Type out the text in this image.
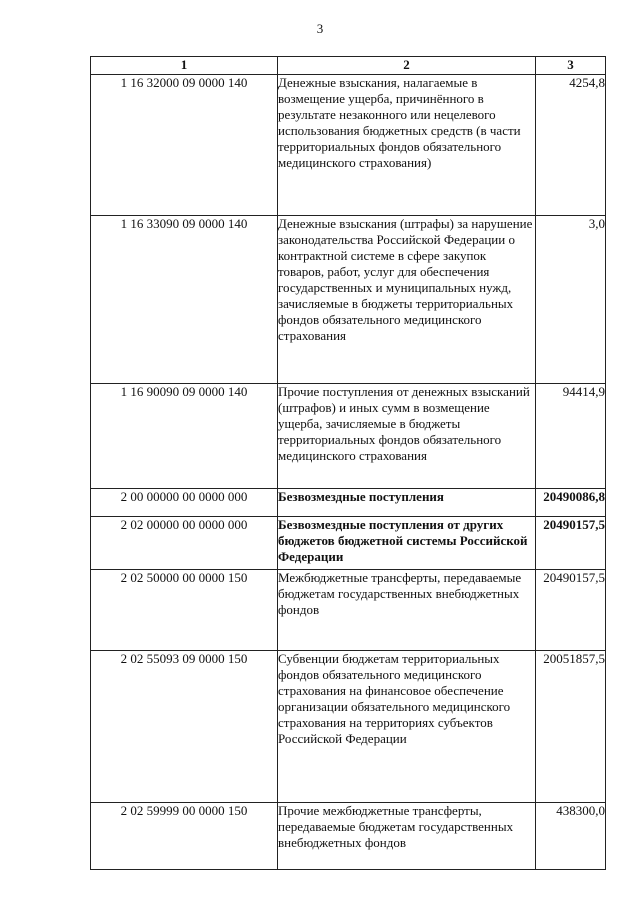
3
1	2	3
1 16 32000 09 0000 140	Денежные взыскания, налагаемые в возмещение ущерба, причинённого в результате незаконного или нецелевого использования бюджетных средств (в части территориальных фондов обязательного медицинского страхования)	4254,8
1 16 33090 09 0000 140	Денежные взыскания (штрафы) за нарушение законодательства Российской Федерации о контрактной системе в сфере закупок товаров, работ, услуг для обеспечения государственных и муниципальных нужд, зачисляемые в бюджеты территориальных фондов обязательного медицинского страхования	3,0
1 16 90090 09 0000 140	Прочие поступления от денежных взысканий (штрафов) и иных сумм в возмещение ущерба, зачисляемые в бюджеты территориальных фондов обязательного медицинского страхования	94414,9
2 00 00000 00 0000 000	Безвозмездные поступления	20490086,8
2 02 00000 00 0000 000	Безвозмездные поступления от других бюджетов бюджетной системы Российской Федерации	20490157,5
2 02 50000 00 0000 150	Межбюджетные трансферты, передаваемые бюджетам государственных внебюджетных фондов	20490157,5
2 02 55093 09 0000 150	Субвенции бюджетам территориальных фондов обязательного медицинского страхования на финансовое обеспечение организации обязательного медицинского страхования на территориях субъектов Российской Федерации	20051857,5
2 02 59999 00 0000 150	Прочие межбюджетные трансферты, передаваемые бюджетам государственных внебюджетных фондов	438300,0
